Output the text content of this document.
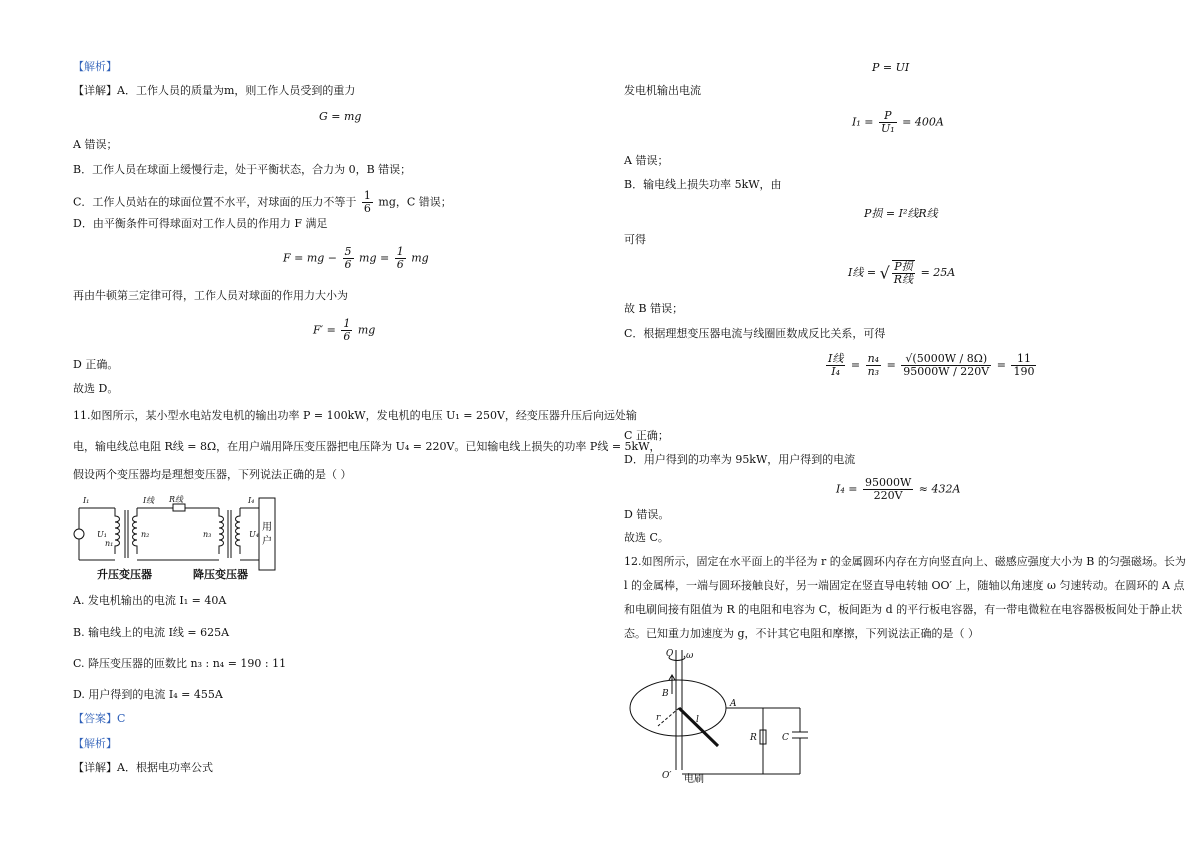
【解析】
【详解】A．工作人员的质量为m，则工作人员受到的重力
G = mg
A 错误；
B．工作人员在球面上缓慢行走，处于平衡状态，合力为 0，B 错误；
C．工作人员站在的球面位置不水平，对球面的压力不等于 $\frac{1}{6}$ mg，C 错误；
D．由平衡条件可得球面对工作人员的作用力 F 满足
F = mg − $\frac{5}{6}$ mg = $\frac{1}{6}$ mg
再由牛顿第三定律可得，工作人员对球面的作用力大小为
$F' = \frac{1}{6}$ mg
D 正确。
故选 D。
11.如图所示，某小型水电站发电机的输出功率 P = 100kW，发电机的电压 U₁ = 250V，经变压器升压后向远处输
电，输电线总电阻 R线 = 8Ω，在用户端用降压变压器把电压降为 U₄ = 220V。已知输电线上损失的功率 P线 = 5kW，
假设两个变压器均是理想变压器，下列说法正确的是（ ）
I₁	I线 R线	I₄
U₁
n₁
n₂	n₃	U₄
用
户
升压变压器	降压变压器
A. 发电机输出的电流 I₁ = 40A
B. 输电线上的电流 I线 = 625A
C. 降压变压器的匝数比 n₃ : n₄ = 190 : 11
D. 用户得到的电流 I₄ = 455A
【答案】C
【解析】
【详解】A．根据电功率公式
P = UI
发电机输出电流
$I_1 = \frac{P}{\text{U₁}} = 400A$
A 错误；
B．输电线上损失功率 5kW，由
P损 = I²线R线
可得
I线 = √ $\frac{\text{P损}}{\text{R线}} = 25A$
故 B 错误；
C．根据理想变压器电流与线圈匝数成反比关系，可得
$\frac{\text{I线}}{\text{I₄}} = \frac{\text{n₄}}{\text{n₃}} = \frac{√(5000W / 8\Omega)}{95000W / 220V} = \frac{11}{190}$
C 正确；
D．用户得到的功率为 95kW，用户得到的电流
$I_4 = \frac{95000W}{220V} \approx 432A$
D 错误。
故选 C。
12.如图所示，固定在水平面上的半径为 r 的金属圆环内存在方向竖直向上、磁感应强度大小为 B 的匀强磁场。长为
l 的金属棒，一端与圆环接触良好，另一端固定在竖直导电转轴 OO′ 上，随轴以角速度 ω 匀速转动。在圆环的 A 点
和电刷间接有阻值为 R 的电阻和电容为 C，板间距为 d 的平行板电容器，有一带电微粒在电容器极板间处于静止状
态。已知重力加速度为 g，不计其它电阻和摩擦，下列说法正确的是（ ）
O ω
B
r	l
A
R	C
O′ 电刷
